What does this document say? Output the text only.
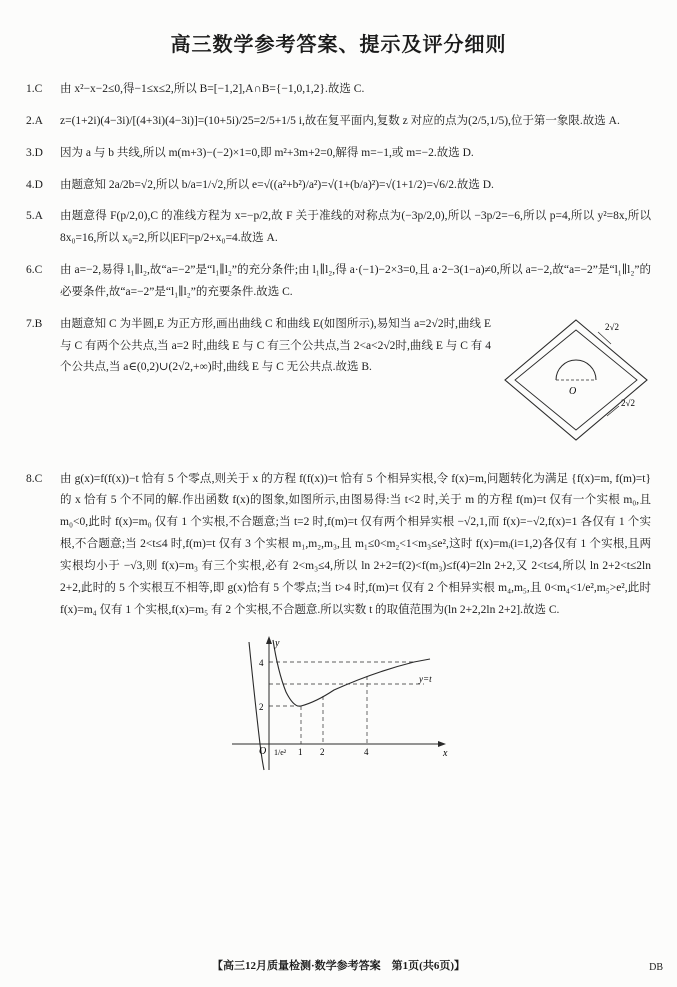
高三数学参考答案、提示及评分细则
1.C	由 x²−x−2≤0,得−1≤x≤2,所以 B=[−1,2],A∩B={−1,0,1,2}.故选 C.
2.A	z=(1+2i)(4−3i)/[(4+3i)(4−3i)]=(10+5i)/25=2/5+1/5 i,故在复平面内,复数 z 对应的点为(2/5,1/5),位于第一象限.故选 A.
3.D	因为 a 与 b 共线,所以 m(m+3)−(−2)×1=0,即 m²+3m+2=0,解得 m=−1,或 m=−2.故选 D.
4.D	由题意知 2a/2b=√2,所以 b/a=1/√2,所以 e=√((a²+b²)/a²)=√(1+(b/a)²)=√(1+1/2)=√6/2.故选 D.
5.A	由题意得 F(p/2,0),C 的准线方程为 x=−p/2,故 F 关于准线的对称点为(−3p/2,0),所以 −3p/2=−6,所以 p=4,所以 y²=8x,所以 8x₀=16,所以 x₀=2,所以|EF|=p/2+x₀=4.故选 A.
6.C	由 a=−2,易得 l₁∥l₂,故“a=−2”是“l₁∥l₂”的充分条件;由 l₁∥l₂,得 a·(−1)−2×3=0,且 a·2−3(1−a)≠0,所以 a=−2,故“a=−2”是“l₁∥l₂”的必要条件,故“a=−2”是“l₁∥l₂”的充要条件.故选 C.
7.B
O
2√2
2√2
由题意知 C 为半圆,E 为正方形,画出曲线 C 和曲线 E(如图所示),易知当 a=2√2时,曲线 E 与 C 有两个公共点,当 a=2 时,曲线 E 与 C 有三个公共点,当 2<a<2√2时,曲线 E 与 C 有 4 个公共点,当 a∈(0,2)∪(2√2,+∞)时,曲线 E 与 C 无公共点.故选 B.
8.C	由 g(x)=f(f(x))−t 恰有 5 个零点,则关于 x 的方程 f(f(x))=t 恰有 5 个相异实根,令 f(x)=m,问题转化为满足 {f(x)=m, f(m)=t} 的 x 恰有 5 个不同的解.作出函数 f(x)的图象,如图所示,由图易得:当 t<2 时,关于 m 的方程 f(m)=t 仅有一个实根 m₀,且 m₀<0,此时 f(x)=m₀ 仅有 1 个实根,不合题意;当 t=2 时,f(m)=t 仅有两个相异实根 −√2,1,而 f(x)=−√2,f(x)=1 各仅有 1 个实根,不合题意;当 2<t≤4 时,f(m)=t 仅有 3 个实根 m₁,m₂,m₃,且 m₁≤0<m₂<1<m₃≤e²,这时 f(x)=mᵢ(i=1,2)各仅有 1 个实根,且两实根均小于 −√3,则 f(x)=m₃ 有三个实根,必有 2<m₃≤4,所以 ln 2+2=f(2)<f(m₃)≤f(4)=2ln 2+2,又 2<t≤4,所以 ln 2+2<t≤2ln 2+2,此时的 5 个实根互不相等,即 g(x)恰有 5 个零点;当 t>4 时,f(m)=t 仅有 2 个相异实根 m₄,m₅,且 0<m₄<1/e²,m₅>e²,此时 f(x)=m₄ 仅有 1 个实根,f(x)=m₅ 有 2 个实根,不合题意.所以实数 t 的取值范围为(ln 2+2,2ln 2+2].故选 C.
y
x
O
4
2
y=t
1/e² 1 2	4
【高三12月质量检测·数学参考答案　第1页(共6页)】	DB
